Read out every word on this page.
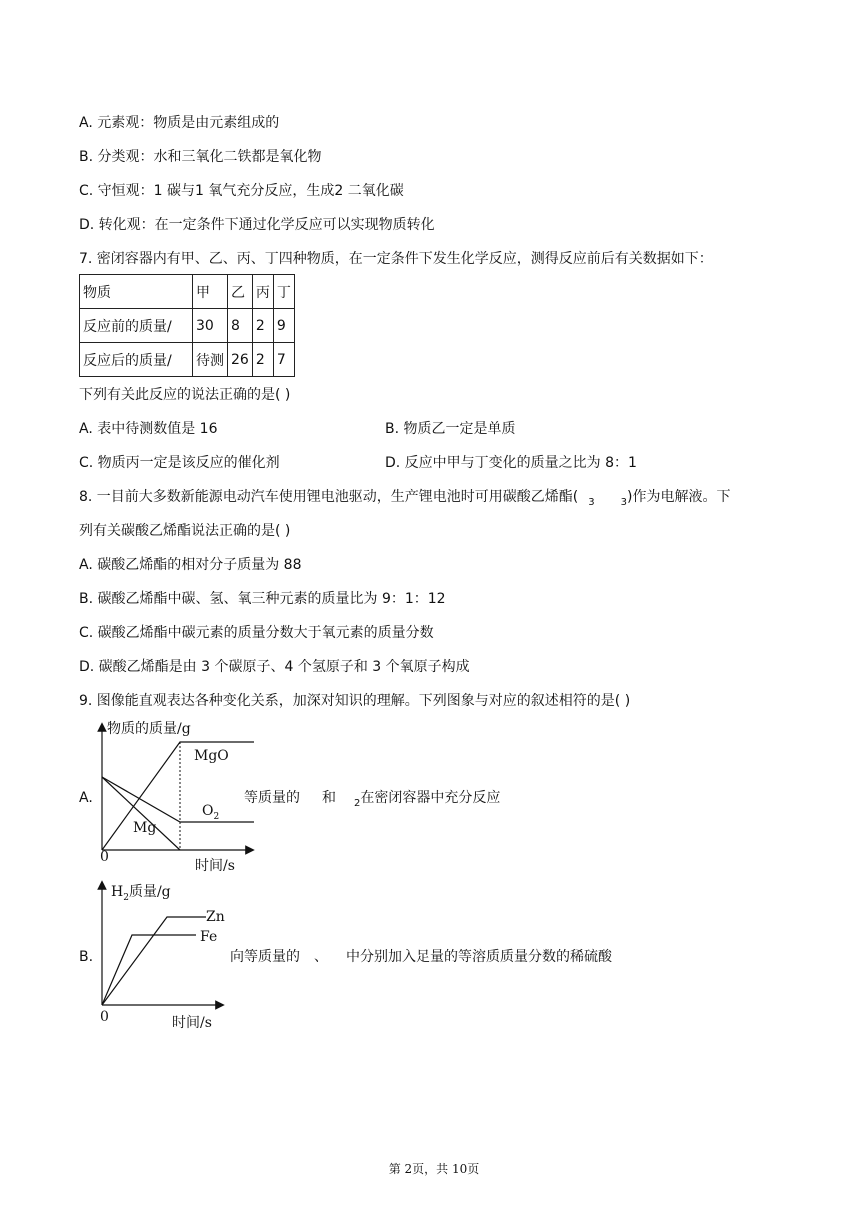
A. 元素观：物质是由元素组成的
B. 分类观：水和三氧化二铁都是氧化物
C. 守恒观：1 碳与1 氧气充分反应，生成2 二氧化碳
D. 转化观：在一定条件下通过化学反应可以实现物质转化
7. 密闭容器内有甲、乙、丙、丁四种物质，在一定条件下发生化学反应，测得反应前后有关数据如下：
物质	甲	乙	丙	丁
反应前的质量/	30	8	2	9
反应后的质量/	待测	26	2	7
下列有关此反应的说法正确的是( )
A. 表中待测数值是 16	B. 物质乙一定是单质
C. 物质丙一定是该反应的催化剂	D. 反应中甲与丁变化的质量之比为 8：1
8. 一目前大多数新能源电动汽车使用锂电池驱动，生产锂电池时可用碳酸乙烯酯( $_3$	$_3$)作为电解液。下
列有关碳酸乙烯酯说法正确的是( )
A. 碳酸乙烯酯的相对分子质量为 88
B. 碳酸乙烯酯中碳、氢、氧三种元素的质量比为 9：1：12
C. 碳酸乙烯酯中碳元素的质量分数大于氧元素的质量分数
D. 碳酸乙烯酯是由 3 个碳原子、4 个氢原子和 3 个氧原子构成
9. 图像能直观表达各种变化关系，加深对知识的理解。下列图象与对应的叙述相符的是( )
A.
物质的质量/g
MgO
$O_2$
Mg
0
时间/s
等质量的 和 $_2$在密闭容器中充分反应
B.
$H_2$质量/g
Zn
Fe
0	时间/s
向等质量的 、 中分别加入足量的等溶质质量分数的稀硫酸
第 2页，共 10页
